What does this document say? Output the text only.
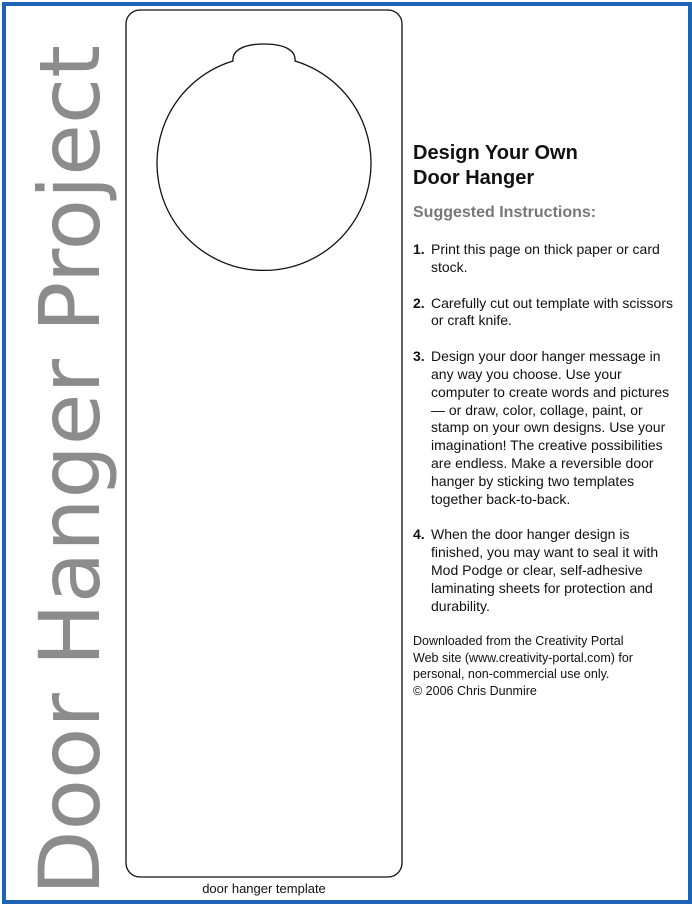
Door Hanger Project	door hanger template
Design Your Own
Door Hanger
Suggested Instructions:
1. Print this page on thick paper or card stock.
2. Carefully cut out template with scissors or craft knife.
3. Design your door hanger message in any way you choose. Use your computer to create words and pictures — or draw, color, collage, paint, or stamp on your own designs. Use your imagination! The creative possibilities are endless. Make a reversible door hanger by sticking two templates together back-to-back.
4. When the door hanger design is finished, you may want to seal it with Mod Podge or clear, self-adhesive laminating sheets for protection and durability.
Downloaded from the Creativity Portal
Web site (www.creativity-portal.com) for
personal, non-commercial use only.
© 2006 Chris Dunmire
